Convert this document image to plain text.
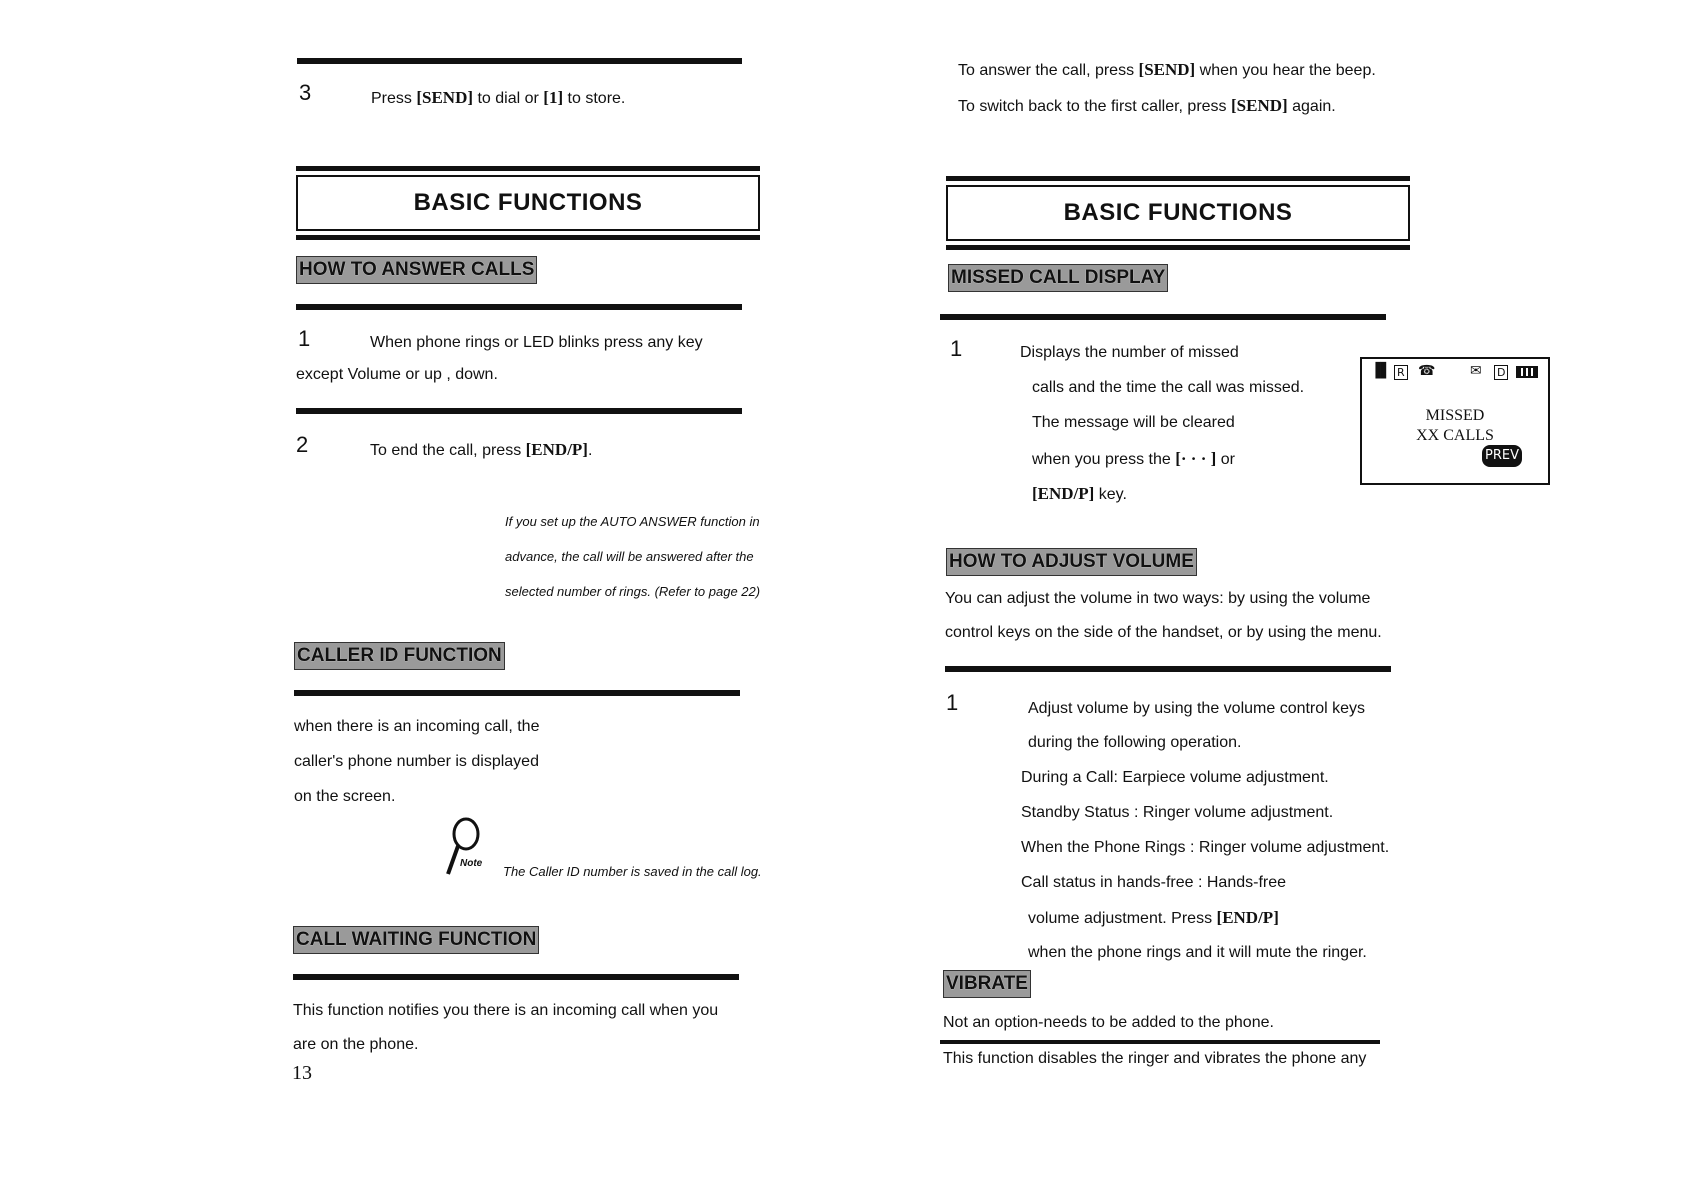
3	Press [SEND] to dial or [1] to store.
BASIC FUNCTIONS
HOW TO ANSWER CALLS
1	When phone rings or LED blinks press any key
except Volume or up , down.
2	To end the call, press [END/P].
If you set up the AUTO ANSWER function in
advance, the call will be answered after the
selected number of rings. (Refer to page 22)
CALLER ID FUNCTION
when there is an incoming call, the
caller's phone number is displayed
on the screen.
Note
The Caller ID number is saved in the call log.
CALL WAITING FUNCTION
This function notifies you there is an incoming call when you
are on the phone.
13
To answer the call, press [SEND] when you hear the beep.
To switch back to the first caller, press [SEND] again.
BASIC FUNCTIONS
MISSED CALL DISPLAY
1	Displays the number of missed
calls and the time the call was missed.
The message will be cleared
when you press the [· · · ] or
[END/P] key.
▐▌ R ☎ ✉ D
MISSED
XX CALLS
PREV
HOW TO ADJUST VOLUME
You can adjust the volume in two ways: by using the volume
control keys on the side of the handset, or by using the menu.
1	Adjust volume by using the volume control keys
during the following operation.
During a Call: Earpiece volume adjustment.
Standby Status : Ringer volume adjustment.
When the Phone Rings : Ringer volume adjustment.
Call status in hands-free : Hands-free
volume adjustment. Press [END/P]
when the phone rings and it will mute the ringer.
VIBRATE
Not an option-needs to be added to the phone.
This function disables the ringer and vibrates the phone any
